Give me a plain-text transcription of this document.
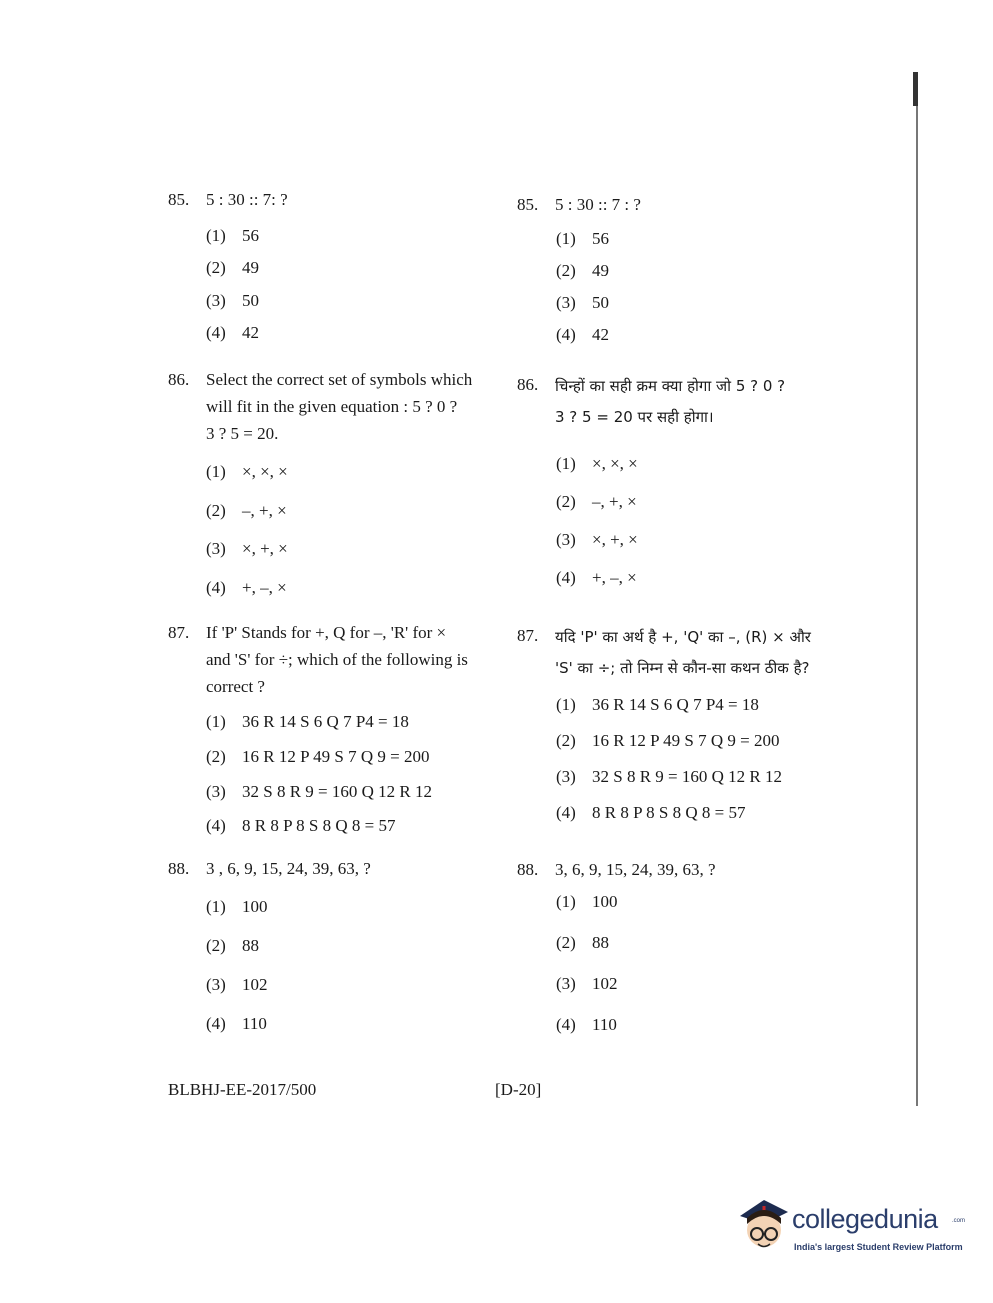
85. 5 : 30 :: 7: ?
(1) 56
(2) 49
(3) 50
(4) 42
86. Select the correct set of symbols which
will fit in the given equation : 5 ? 0 ?
3 ? 5 = 20.
(1) ×, ×, ×
(2) –, +, ×
(3) ×, +, ×
(4) +, –, ×
87. If 'P' Stands for +, Q for –, 'R' for ×
and 'S' for ÷; which of the following is
correct ?
(1) 36 R 14 S 6 Q 7 P4 = 18
(2) 16 R 12 P 49 S 7 Q 9 = 200
(3) 32 S 8 R 9 = 160 Q 12 R 12
(4) 8 R 8 P 8 S 8 Q 8 = 57
88. 3 , 6, 9, 15, 24, 39, 63, ?
(1) 100
(2) 88
(3) 102
(4) 110
85. 5 : 30 :: 7 : ?
(1) 56
(2) 49
(3) 50
(4) 42
86. चिन्हों का सही क्रम क्या होगा जो 5 ? 0 ?
3 ? 5 = 20 पर सही होगा।
(1) ×, ×, ×
(2) –, +, ×
(3) ×, +, ×
(4) +, –, ×
87. यदि 'P' का अर्थ है +, 'Q' का –, (R) × और
'S' का ÷; तो निम्न से कौन-सा कथन ठीक है?
(1) 36 R 14 S 6 Q 7 P4 = 18
(2) 16 R 12 P 49 S 7 Q 9 = 200
(3) 32 S 8 R 9 = 160 Q 12 R 12
(4) 8 R 8 P 8 S 8 Q 8 = 57
88. 3, 6, 9, 15, 24, 39, 63, ?
(1) 100
(2) 88
(3) 102
(4) 110
BLBHJ-EE-2017/500	[D-20]
collegedunia .com
India's largest Student Review Platform
